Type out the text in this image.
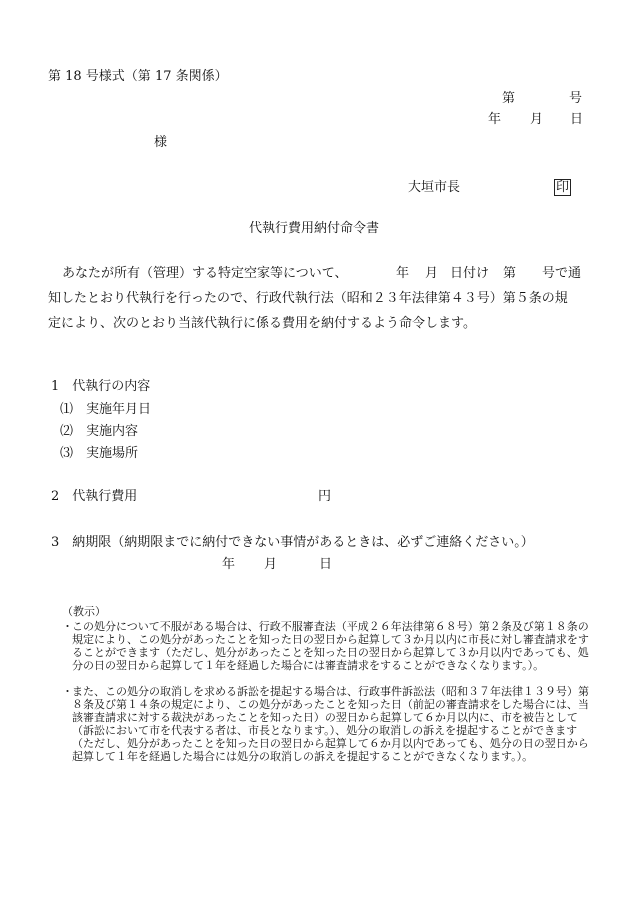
第 18 号様式（第 17 条関係）
第	号
年 月 日
様
大垣市長	印
代執行費用納付命令書
あなたが所有（管理）する特定空家等について、	年 月 日付け 第 号で通
知したとおり代執行を行ったので、行政代執行法（昭和２３年法律第４３号）第５条の規
定により、次のとおり当該代執行に係る費用を納付するよう命令します。
1　代執行の内容
⑴　実施年月日
⑵　実施内容
⑶　実施場所
2　代執行費用	円
3　納期限（納期限までに納付できない事情があるときは、必ずご連絡ください。）
年 月	日
（教示）
・ この処分について不服がある場合は、行政不服審査法（平成２６年法律第６８号）第２条及び第１８条の規定により、この処分があったことを知った日の翌日から起算して３か月以内に市長に対し審査請求をすることができます（ただし、処分があったことを知った日の翌日から起算して３か月以内であっても、処分の日の翌日から起算して１年を経過した場合には審査請求をすることができなくなります。）。
・ また、この処分の取消しを求める訴訟を提起する場合は、行政事件訴訟法（昭和３７年法律１３９号）第８条及び第１４条の規定により、この処分があったことを知った日（前記の審査請求をした場合には、当該審査請求に対する裁決があったことを知った日）の翌日から起算して６か月以内に、市を被告として（訴訟において市を代表する者は、市長となります。）、処分の取消しの訴えを提起することができます（ただし、処分があったことを知った日の翌日から起算して６か月以内であっても、処分の日の翌日から起算して１年を経過した場合には処分の取消しの訴えを提起することができなくなります。）。
